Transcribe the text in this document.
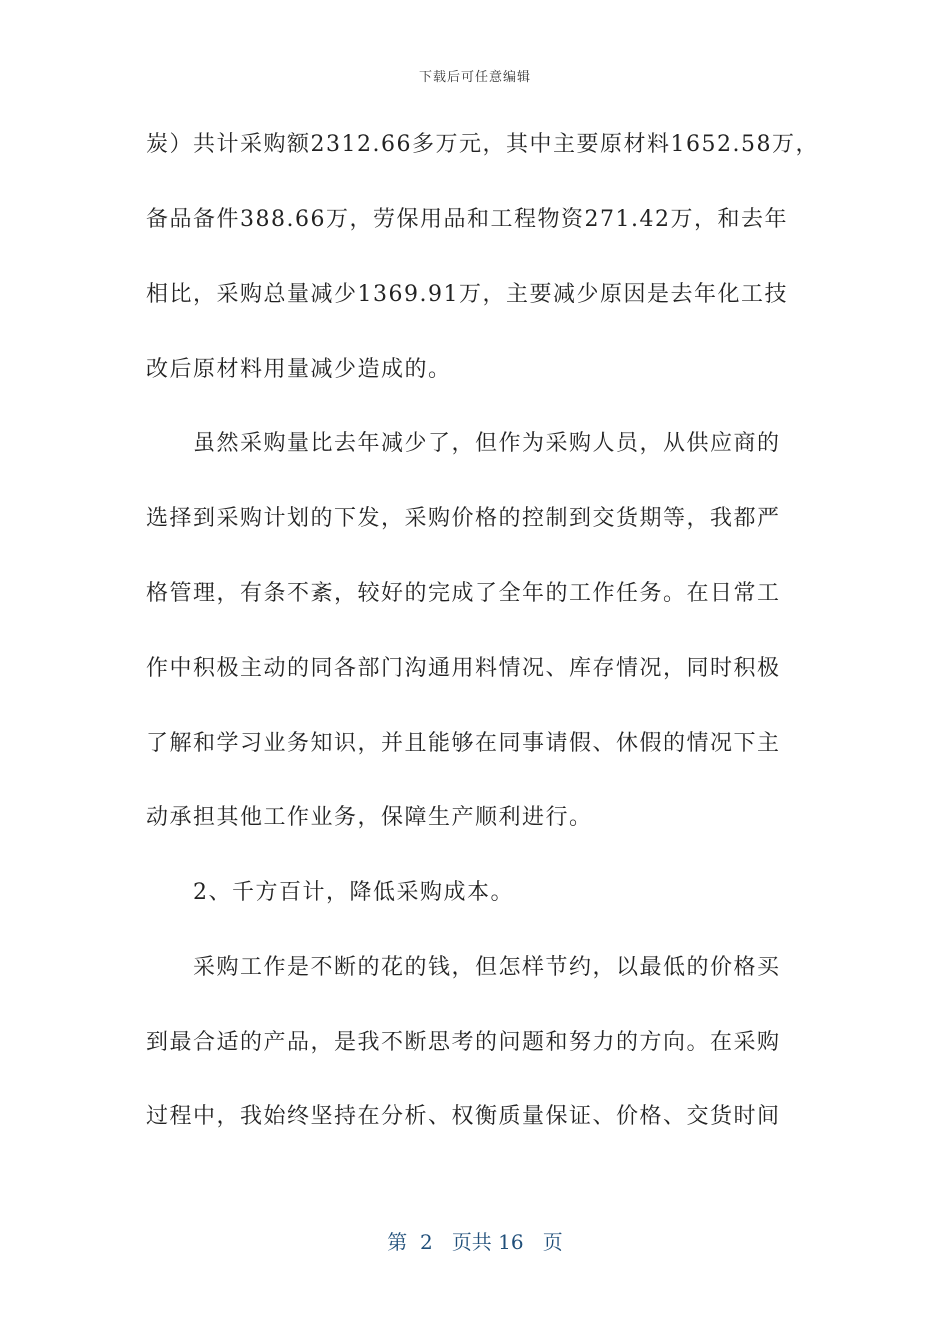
下载后可任意编辑
炭）共计采购额2312.66多万元，其中主要原材料1652.58万，
备品备件388.66万，劳保用品和工程物资271.42万，和去年
相比，采购总量减少1369.91万，主要减少原因是去年化工技
改后原材料用量减少造成的。
　　虽然采购量比去年减少了，但作为采购人员，从供应商的
选择到采购计划的下发，采购价格的控制到交货期等，我都严
格管理，有条不紊，较好的完成了全年的工作任务。在日常工
作中积极主动的同各部门沟通用料情况、库存情况，同时积极
了解和学习业务知识，并且能够在同事请假、休假的情况下主
动承担其他工作业务，保障生产顺利进行。
　　2、千方百计，降低采购成本。
　　采购工作是不断的花的钱，但怎样节约，以最低的价格买
到最合适的产品，是我不断思考的问题和努力的方向。在采购
过程中，我始终坚持在分析、权衡质量保证、价格、交货时间
第 2 页共 16 页
